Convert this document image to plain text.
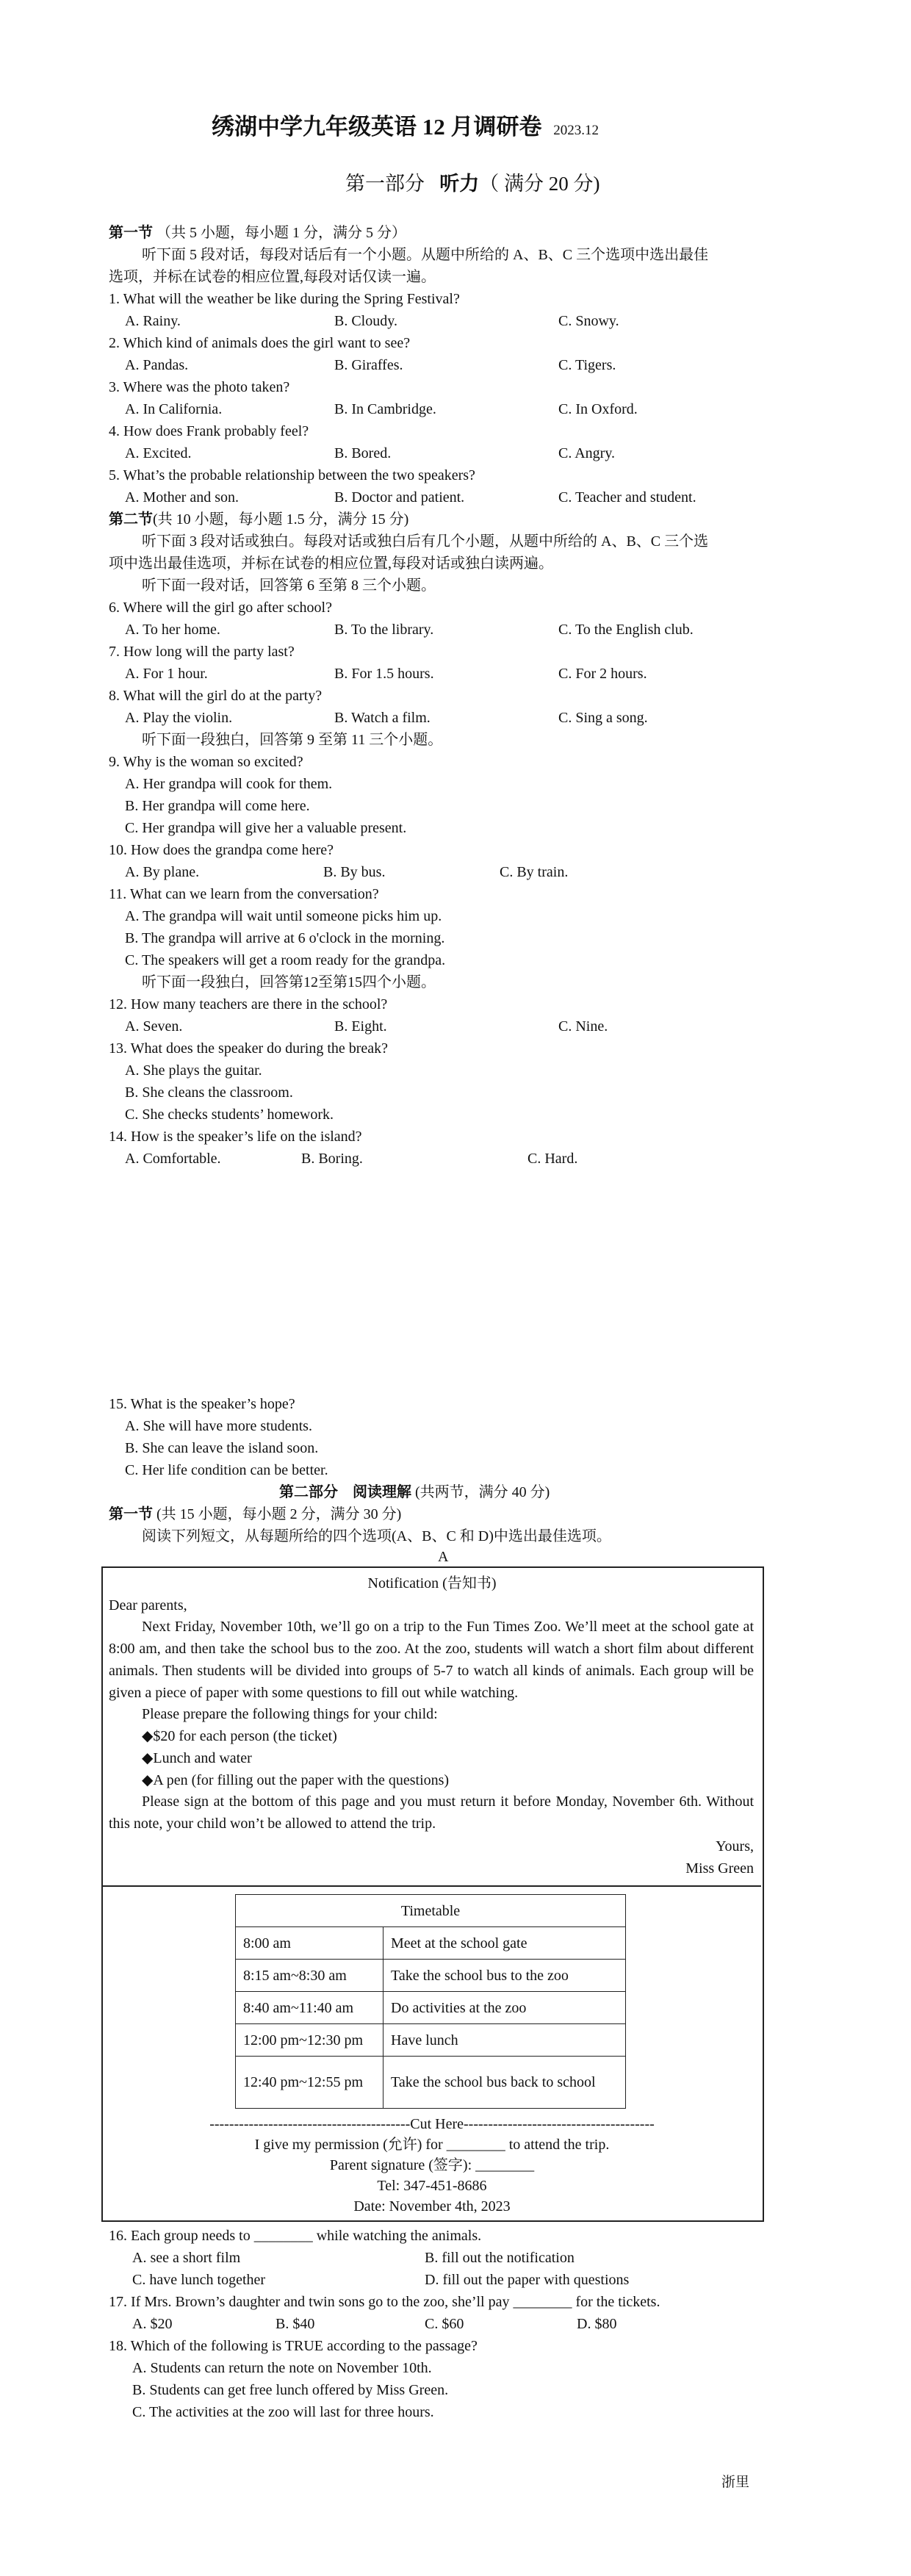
绣湖中学九年级英语 12 月调研卷 2023.12
第一部分 听力（ 满分 20 分)
第一节 （共 5 小题，每小题 1 分，满分 5 分）
听下面 5 段对话，每段对话后有一个小题。从题中所给的 A、B、C 三个选项中选出最佳
选项，并标在试卷的相应位置,每段对话仅读一遍。
1. What will the weather be like during the Spring Festival?
A. Rainy.	B. Cloudy.	C. Snowy.
2. Which kind of animals does the girl want to see?
A. Pandas.	B. Giraffes.	C. Tigers.
3. Where was the photo taken?
A. In California.	B. In Cambridge.	C. In Oxford.
4. How does Frank probably feel?
A. Excited.	B. Bored.	C. Angry.
5. What’s the probable relationship between the two speakers?
A. Mother and son.	B. Doctor and patient.	C. Teacher and student.
第二节(共 10 小题，每小题 1.5 分，满分 15 分)
听下面 3 段对话或独白。每段对话或独白后有几个小题，从题中所给的 A、B、C 三个选
项中选出最佳选项，并标在试卷的相应位置,每段对话或独白读两遍。
听下面一段对话，回答第 6 至第 8 三个小题。
6. Where will the girl go after school?
A. To her home.	B. To the library.	C. To the English club.
7. How long will the party last?
A. For 1 hour.	B. For 1.5 hours.	C. For 2 hours.
8. What will the girl do at the party?
A. Play the violin.	B. Watch a film.	C. Sing a song.
听下面一段独白，回答第 9 至第 11 三个小题。
9. Why is the woman so excited?
A. Her grandpa will cook for them.
B. Her grandpa will come here.
C. Her grandpa will give her a valuable present.
10. How does the grandpa come here?
A. By plane.	B. By bus.	C. By train.
11. What can we learn from the conversation?
A. The grandpa will wait until someone picks him up.
B. The grandpa will arrive at 6 o'clock in the morning.
C. The speakers will get a room ready for the grandpa.
听下面一段独白，回答第12至第15四个小题。
12. How many teachers are there in the school?
A. Seven.	B. Eight.	C. Nine.
13. What does the speaker do during the break?
A. She plays the guitar.
B. She cleans the classroom.
C. She checks students’ homework.
14. How is the speaker’s life on the island?
A. Comfortable.	B. Boring.	C. Hard.
15. What is the speaker’s hope?
A. She will have more students.
B. She can leave the island soon.
C. Her life condition can be better.
第二部分　阅读理解 (共两节，满分 40 分)
第一节 (共 15 小题，每小题 2 分，满分 30 分)
阅读下列短文，从每题所给的四个选项(A、B、C 和 D)中选出最佳选项。
A
Notification (告知书)
Dear parents,
Next Friday, November 10th, we’ll go on a trip to the Fun Times Zoo. We’ll meet at the school gate at 8:00 am, and then take the school bus to the zoo. At the zoo, students will watch a short film about different animals. Then students will be divided into groups of 5-7 to watch all kinds of animals. Each group will be given a piece of paper with some questions to fill out while watching.
Please prepare the following things for your child:
◆$20 for each person (the ticket)
◆Lunch and water
◆A pen (for filling out the paper with the questions)
Please sign at the bottom of this page and you must return it before Monday, November 6th. Without this note, your child won’t be allowed to attend the trip.
Yours,
Miss Green
Timetable	
8:00 am	Meet at the school gate
8:15 am~8:30 am	Take the school bus to the zoo
8:40 am~11:40 am	Do activities at the zoo
12:00 pm~12:30 pm	Have lunch
12:40 pm~12:55 pm	Take the school bus back to school
-----------------------------------------Cut Here---------------------------------------
I give my permission (允许) for ________ to attend the trip.
Parent signature (签字): ________
Tel: 347-451-8686
Date: November 4th, 2023
16. Each group needs to ________ while watching the animals.
A. see a short film	B. fill out the notification
C. have lunch together	D. fill out the paper with questions
17. If Mrs. Brown’s daughter and twin sons go to the zoo, she’ll pay ________ for the tickets.
A. $20	B. $40	C. $60	D. $80
18. Which of the following is TRUE according to the passage?
A. Students can return the note on November 10th.
B. Students can get free lunch offered by Miss Green.
C. The activities at the zoo will last for three hours.
浙里
